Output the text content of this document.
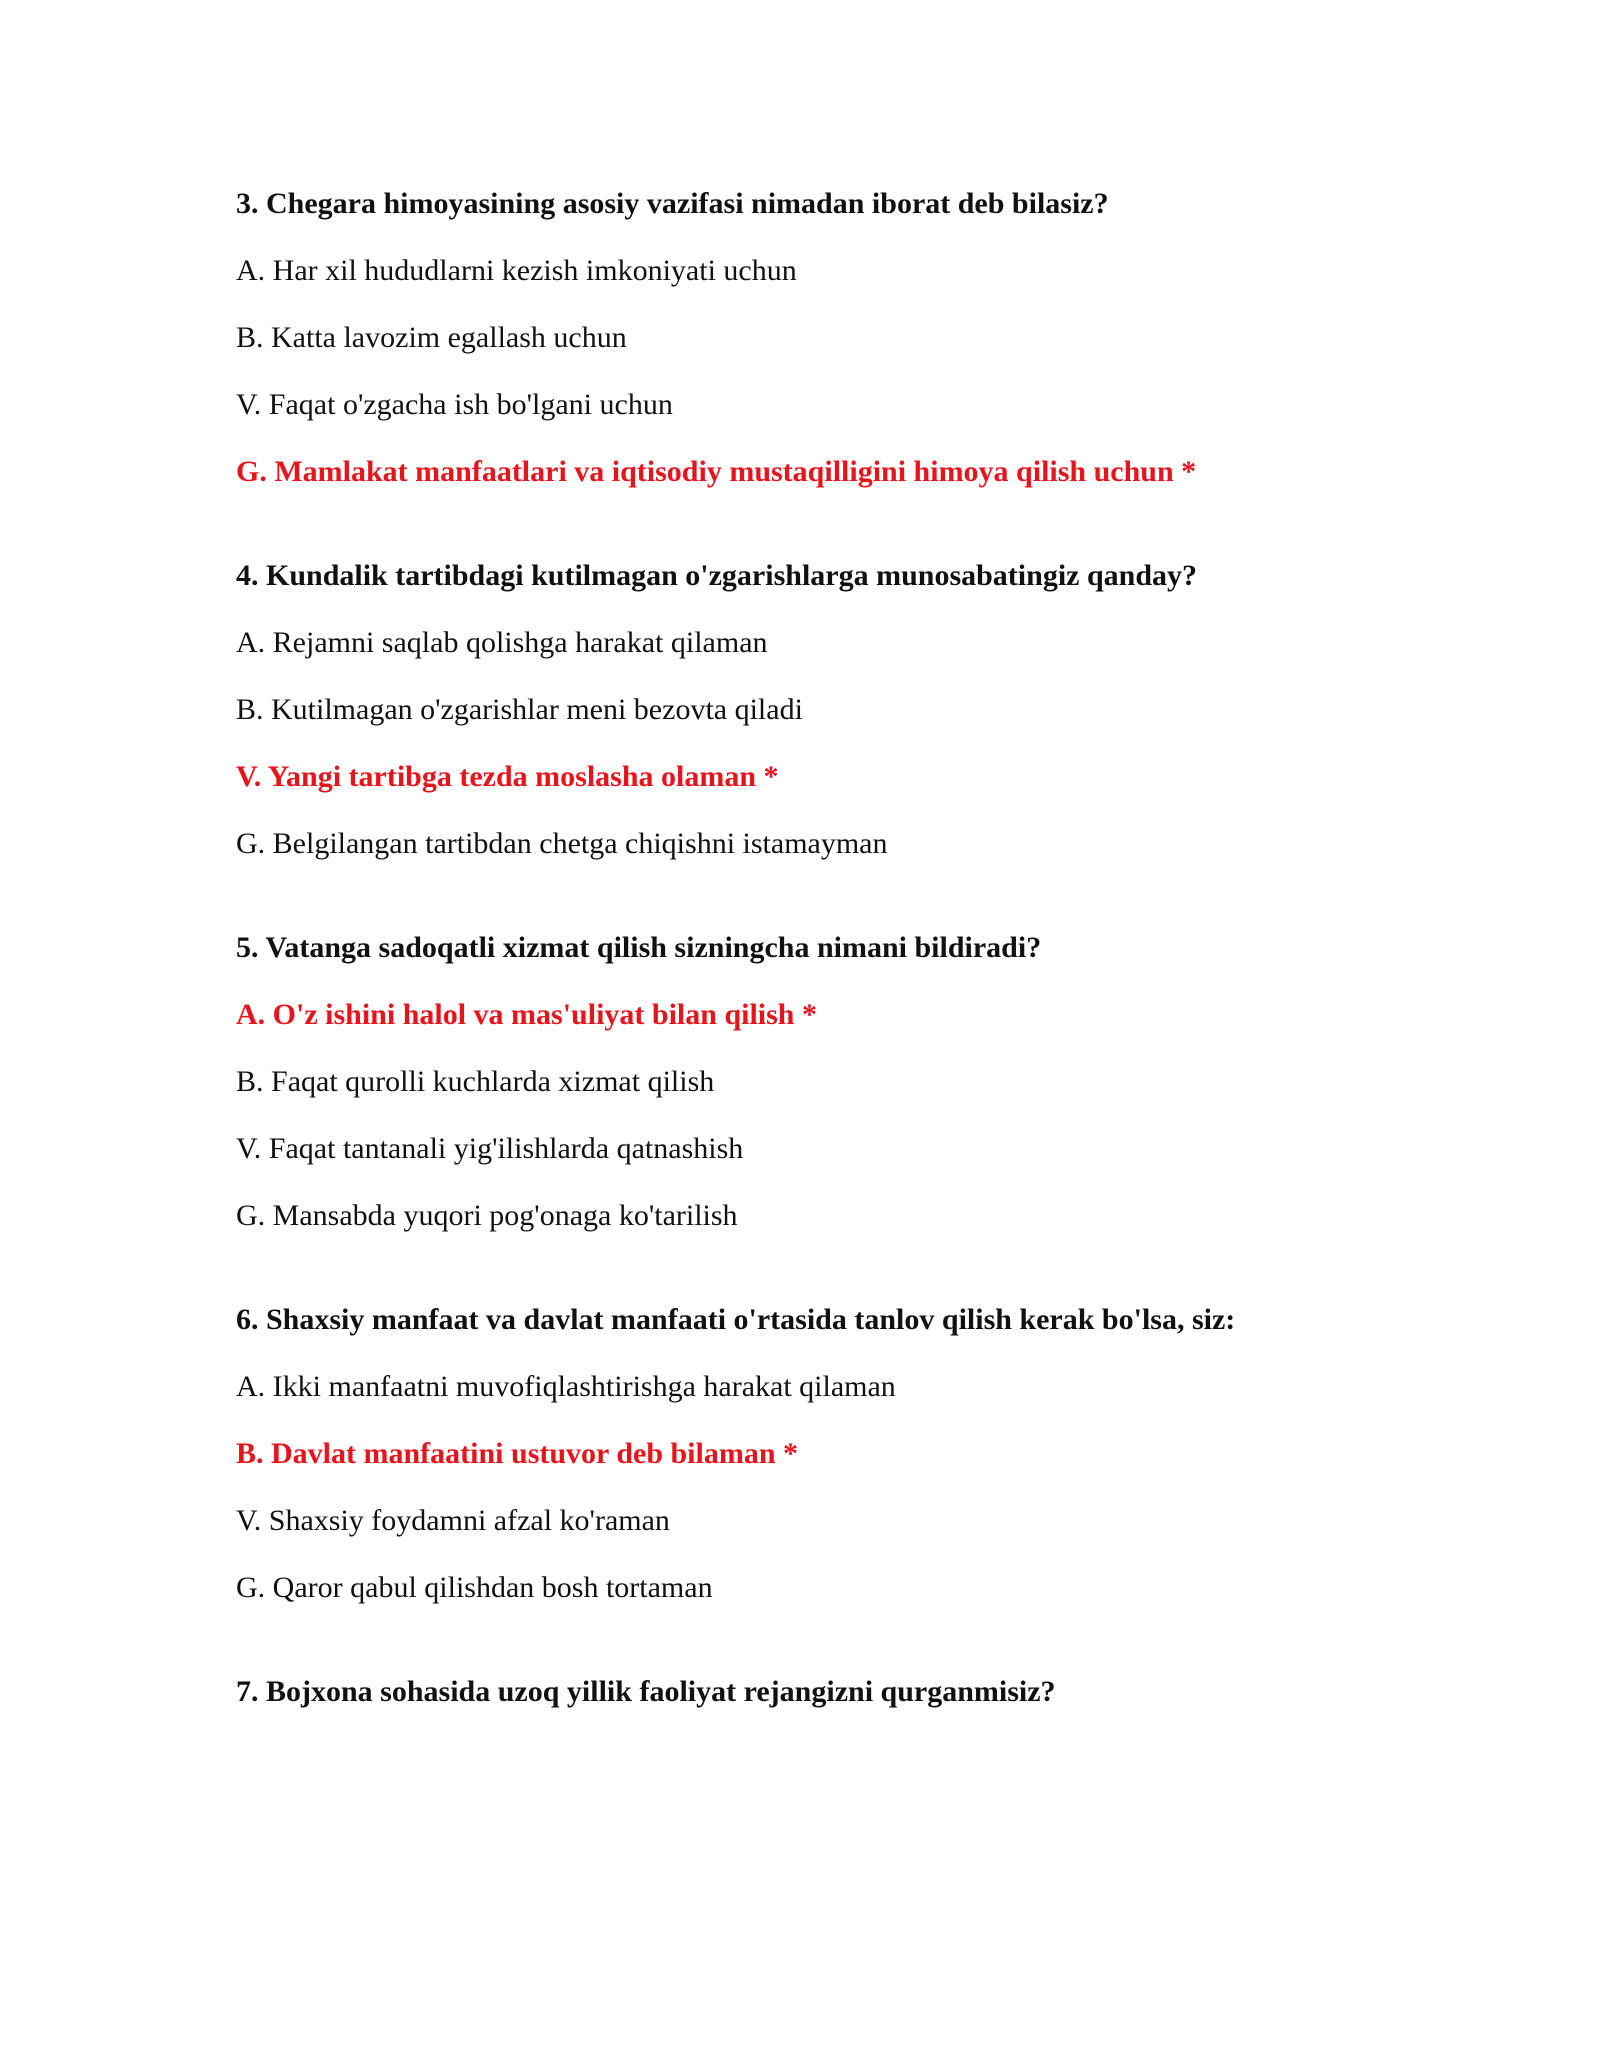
3. Chegara himoyasining asosiy vazifasi nimadan iborat deb bilasiz?
A. Har xil hududlarni kezish imkoniyati uchun
B. Katta lavozim egallash uchun
V. Faqat o'zgacha ish bo'lgani uchun
G. Mamlakat manfaatlari va iqtisodiy mustaqilligini himoya qilish uchun *
4. Kundalik tartibdagi kutilmagan o'zgarishlarga munosabatingiz qanday?
A. Rejamni saqlab qolishga harakat qilaman
B. Kutilmagan o'zgarishlar meni bezovta qiladi
V. Yangi tartibga tezda moslasha olaman *
G. Belgilangan tartibdan chetga chiqishni istamayman
5. Vatanga sadoqatli xizmat qilish sizningcha nimani bildiradi?
A. O'z ishini halol va mas'uliyat bilan qilish *
B. Faqat qurolli kuchlarda xizmat qilish
V. Faqat tantanali yig'ilishlarda qatnashish
G. Mansabda yuqori pog'onaga ko'tarilish
6. Shaxsiy manfaat va davlat manfaati o'rtasida tanlov qilish kerak bo'lsa, siz:
A. Ikki manfaatni muvofiqlashtirishga harakat qilaman
B. Davlat manfaatini ustuvor deb bilaman *
V. Shaxsiy foydamni afzal ko'raman
G. Qaror qabul qilishdan bosh tortaman
7. Bojxona sohasida uzoq yillik faoliyat rejangizni qurganmisiz?
